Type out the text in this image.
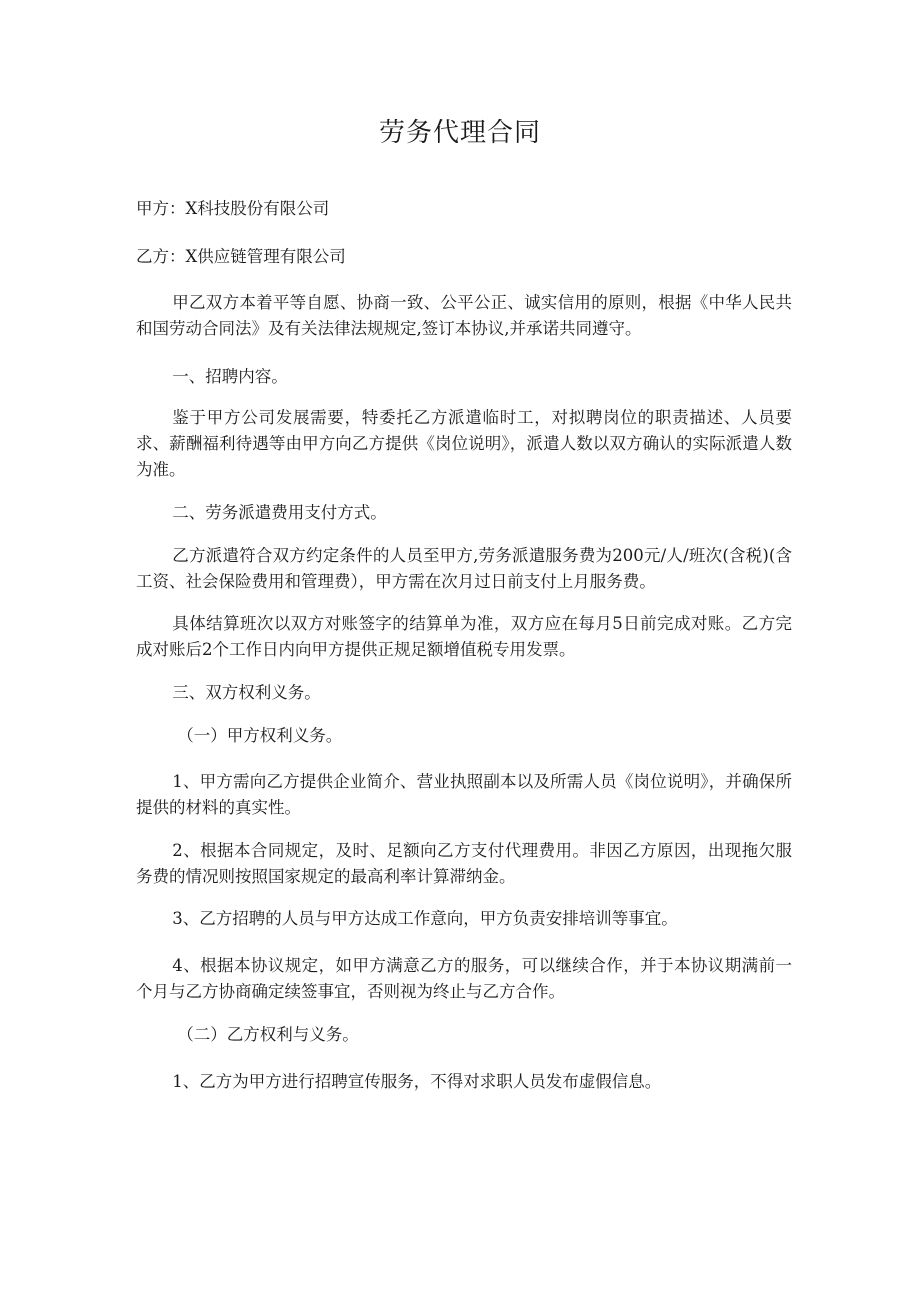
劳务代理合同

甲方：X科技股份有限公司

乙方：X供应链管理有限公司

甲乙双方本着平等自愿、协商一致、公平公正、诚实信用的原则，根据《中华人民共和国劳动合同法》及有关法律法规规定,签订本协议,并承诺共同遵守。

一、招聘内容。

鉴于甲方公司发展需要，特委托乙方派遣临时工，对拟聘岗位的职责描述、人员要求、薪酬福利待遇等由甲方向乙方提供《岗位说明》，派遣人数以双方确认的实际派遣人数为准。

二、劳务派遣费用支付方式。

乙方派遣符合双方约定条件的人员至甲方,劳务派遣服务费为200元/人/班次(含税)(含工资、社会保险费用和管理费），甲方需在次月过日前支付上月服务费。

具体结算班次以双方对账签字的结算单为准，双方应在每月5日前完成对账。乙方完成对账后2个工作日内向甲方提供正规足额增值税专用发票。

三、双方权利义务。

（一）甲方权利义务。

1、甲方需向乙方提供企业简介、营业执照副本以及所需人员《岗位说明》，并确保所提供的材料的真实性。

2、根据本合同规定，及时、足额向乙方支付代理费用。非因乙方原因，出现拖欠服务费的情况则按照国家规定的最高利率计算滞纳金。

3、乙方招聘的人员与甲方达成工作意向，甲方负责安排培训等事宜。

4、根据本协议规定，如甲方满意乙方的服务，可以继续合作，并于本协议期满前一个月与乙方协商确定续签事宜，否则视为终止与乙方合作。

（二）乙方权利与义务。

1、乙方为甲方进行招聘宣传服务，不得对求职人员发布虚假信息。
